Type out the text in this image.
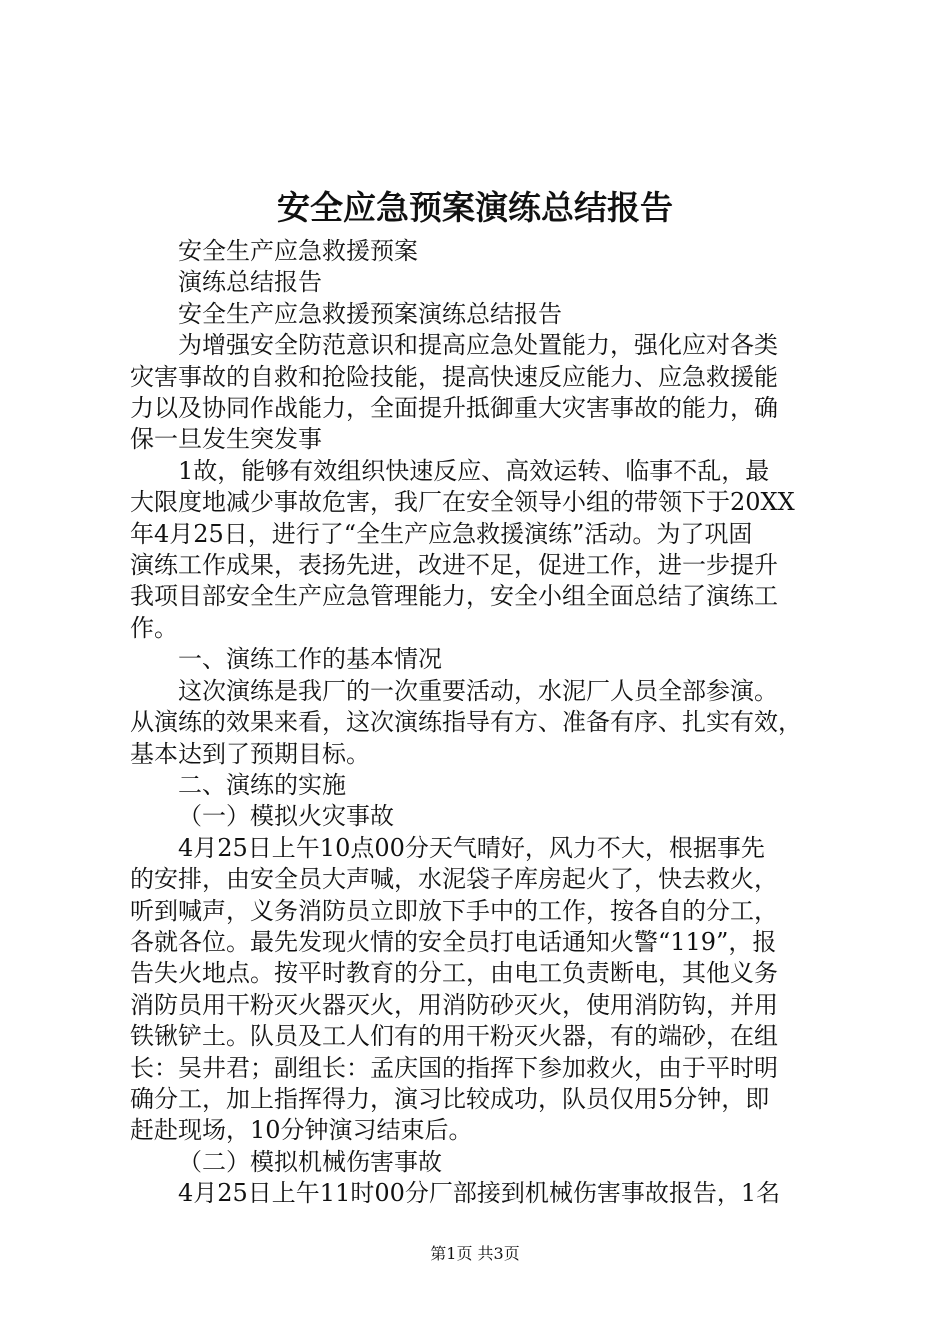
安全应急预案演练总结报告

安全生产应急救援预案

演练总结报告

安全生产应急救援预案演练总结报告

为增强安全防范意识和提高应急处置能力，强化应对各类
灾害事故的自救和抢险技能，提高快速反应能力、应急救援能
力以及协同作战能力，全面提升抵御重大灾害事故的能力，确
保一旦发生突发事

1故，能够有效组织快速反应、高效运转、临事不乱，最
大限度地减少事故危害，我厂在安全领导小组的带领下于20XX
年4月25日，进行了“全生产应急救援演练”活动。为了巩固
演练工作成果，表扬先进，改进不足，促进工作，进一步提升
我项目部安全生产应急管理能力，安全小组全面总结了演练工
作。

一、演练工作的基本情况

这次演练是我厂的一次重要活动，水泥厂人员全部参演。
从演练的效果来看，这次演练指导有方、准备有序、扎实有效，
基本达到了预期目标。

二、演练的实施

（一）模拟火灾事故

4月25日上午10点00分天气晴好，风力不大，根据事先
的安排，由安全员大声喊，水泥袋子库房起火了，快去救火，
听到喊声，义务消防员立即放下手中的工作，按各自的分工，
各就各位。最先发现火情的安全员打电话通知火警“119”，报
告失火地点。按平时教育的分工，由电工负责断电，其他义务
消防员用干粉灭火器灭火，用消防砂灭火，使用消防钩，并用
铁锹铲土。队员及工人们有的用干粉灭火器，有的端砂，在组
长：吴井君；副组长：孟庆国的指挥下参加救火，由于平时明
确分工，加上指挥得力，演习比较成功，队员仅用5分钟，即
赶赴现场，10分钟演习结束后。

（二）模拟机械伤害事故

4月25日上午11时00分厂部接到机械伤害事故报告，1名

第1页 共3页
